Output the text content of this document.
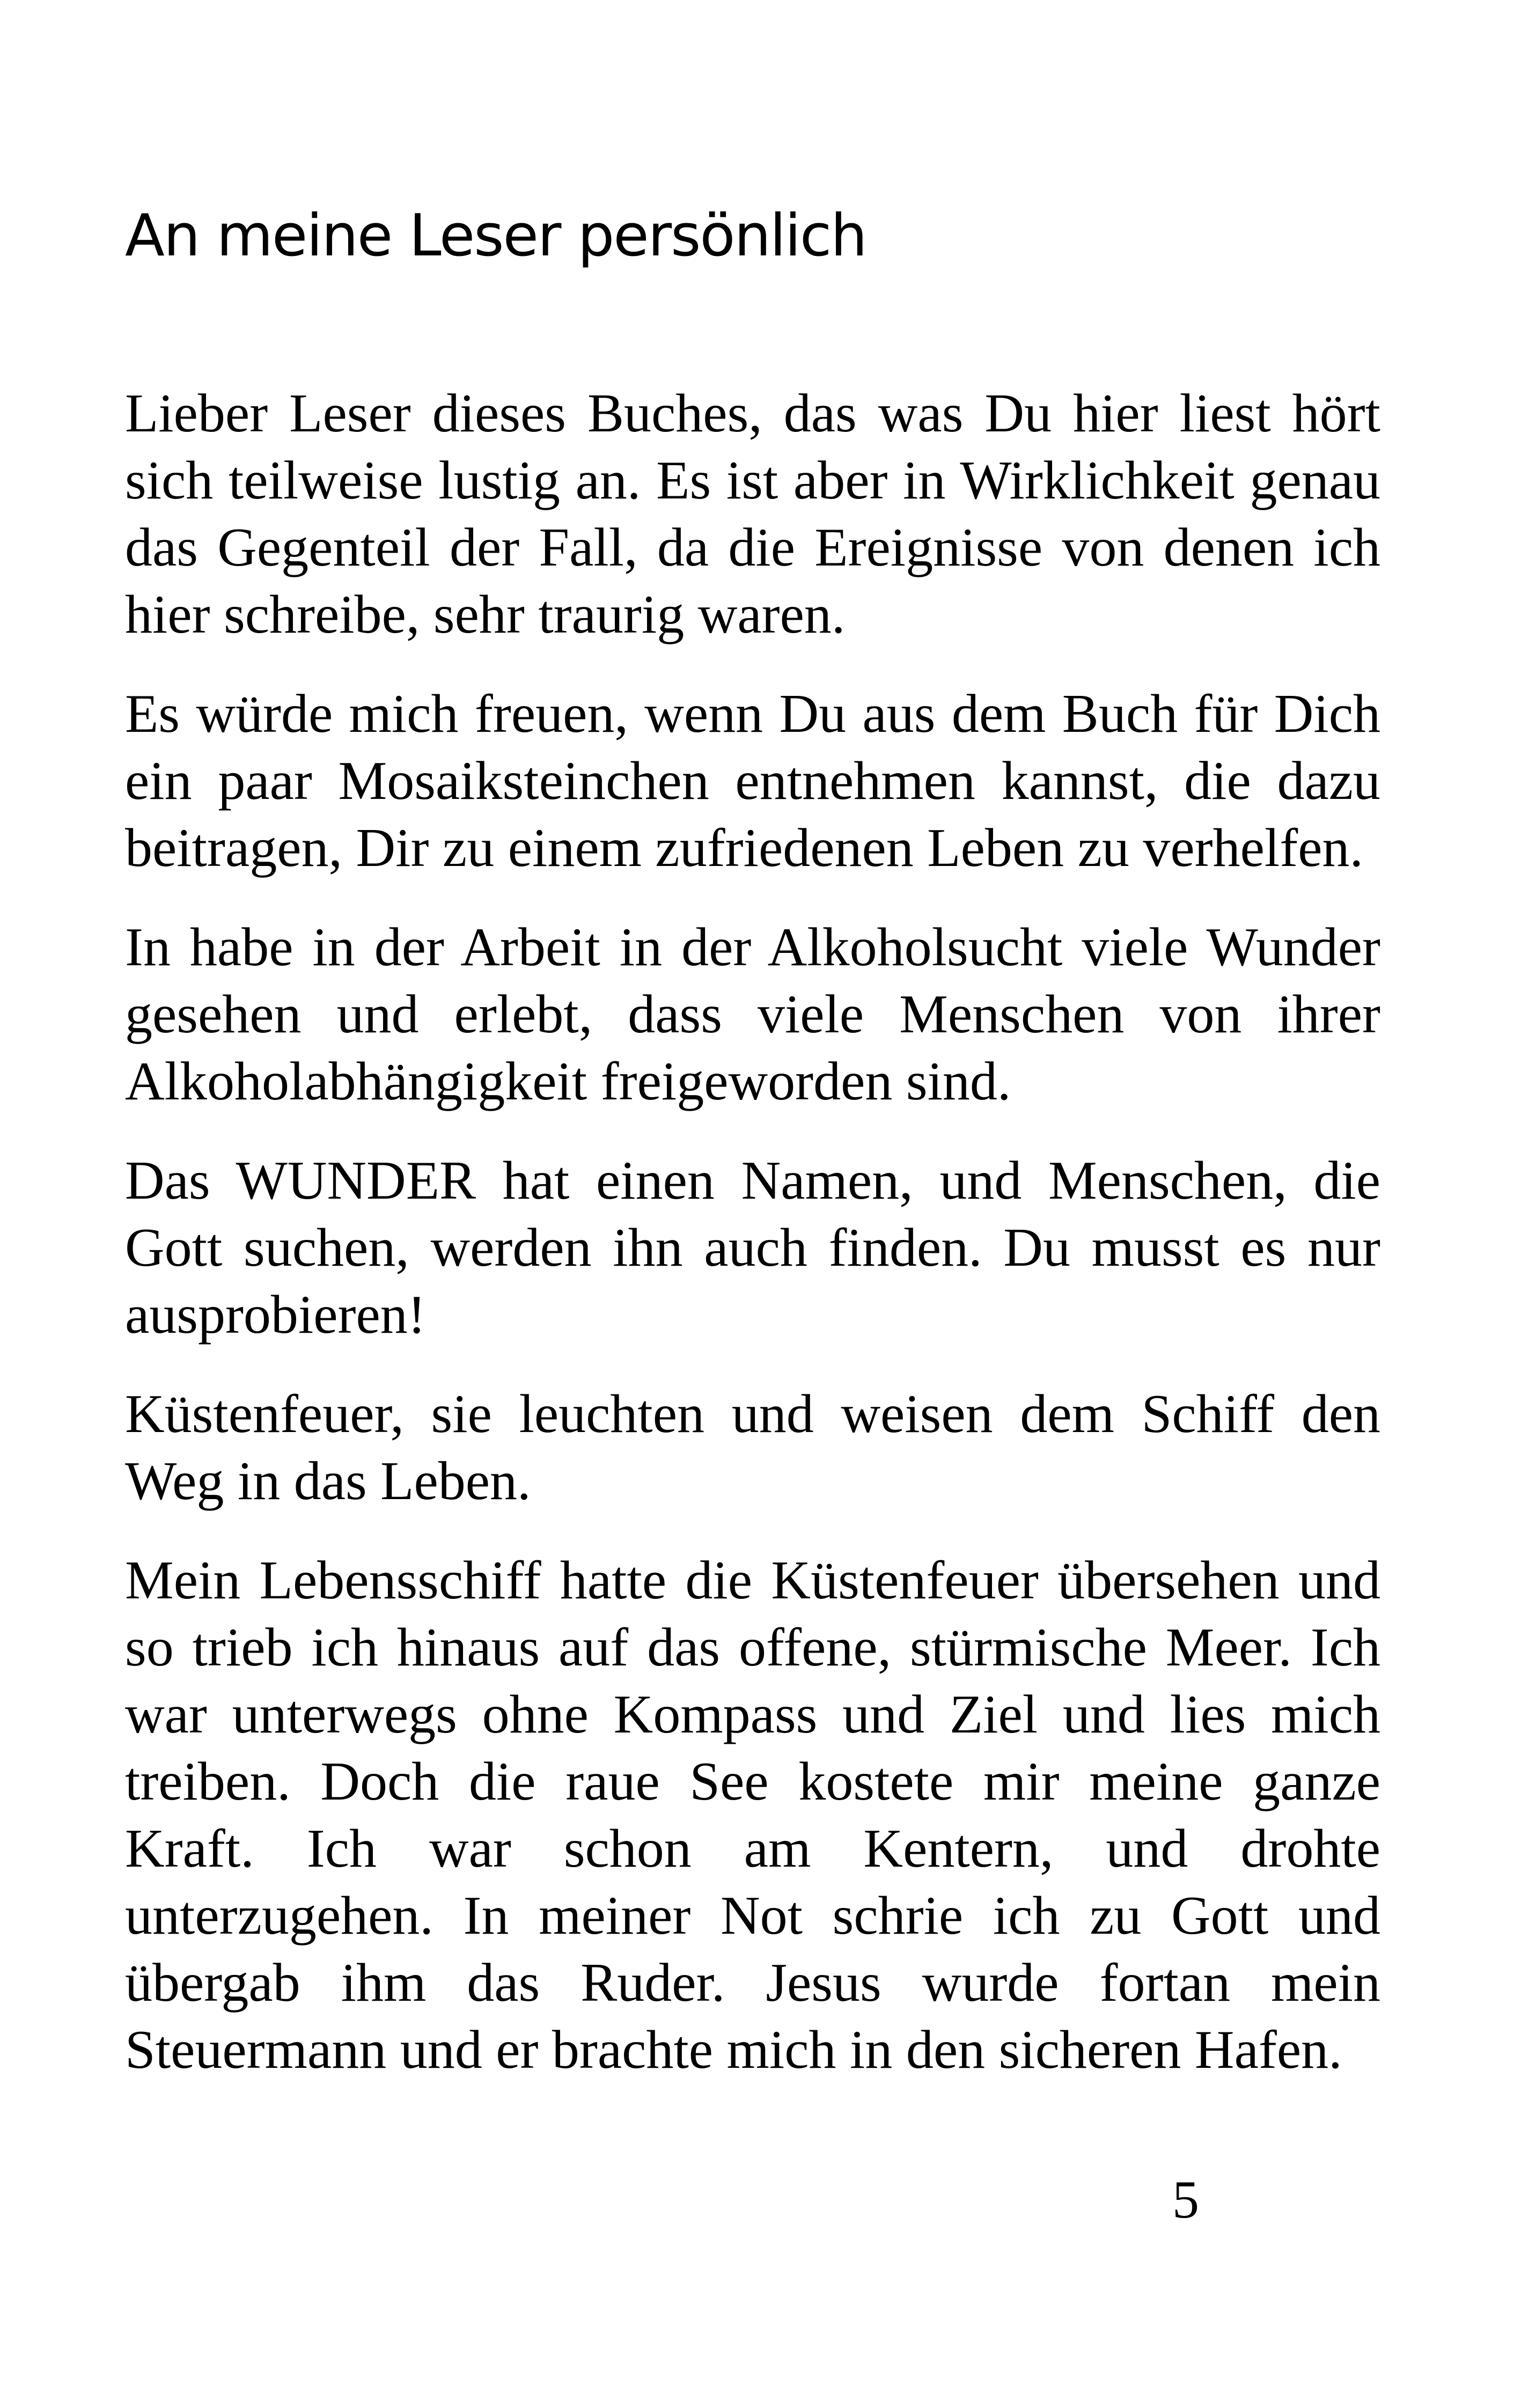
An meine Leser persönlich

Lieber Leser dieses Buches, das was Du hier liest hört sich teilweise lustig an. Es ist aber in Wirklichkeit genau das Gegenteil der Fall, da die Ereignisse von denen ich hier schreibe, sehr traurig waren.

Es würde mich freuen, wenn Du aus dem Buch für Dich ein paar Mosaiksteinchen entnehmen kannst, die dazu beitragen, Dir zu einem zufriedenen Leben zu verhelfen.

In habe in der Arbeit in der Alkoholsucht viele Wunder gesehen und erlebt, dass viele Menschen von ihrer Alkoholabhängigkeit freigeworden sind.

Das WUNDER hat einen Namen, und Menschen, die Gott suchen, werden ihn auch finden. Du musst es nur ausprobieren!

Küstenfeuer, sie leuchten und weisen dem Schiff den Weg in das Leben.

Mein Lebensschiff hatte die Küstenfeuer übersehen und so trieb ich hinaus auf das offene, stürmische Meer. Ich war unterwegs ohne Kompass und Ziel und lies mich treiben. Doch die raue See kostete mir meine ganze Kraft. Ich war schon am Kentern, und drohte unterzugehen. In meiner Not schrie ich zu Gott und übergab ihm das Ruder. Jesus wurde fortan mein Steuermann und er brachte mich in den sicheren Hafen.

5
